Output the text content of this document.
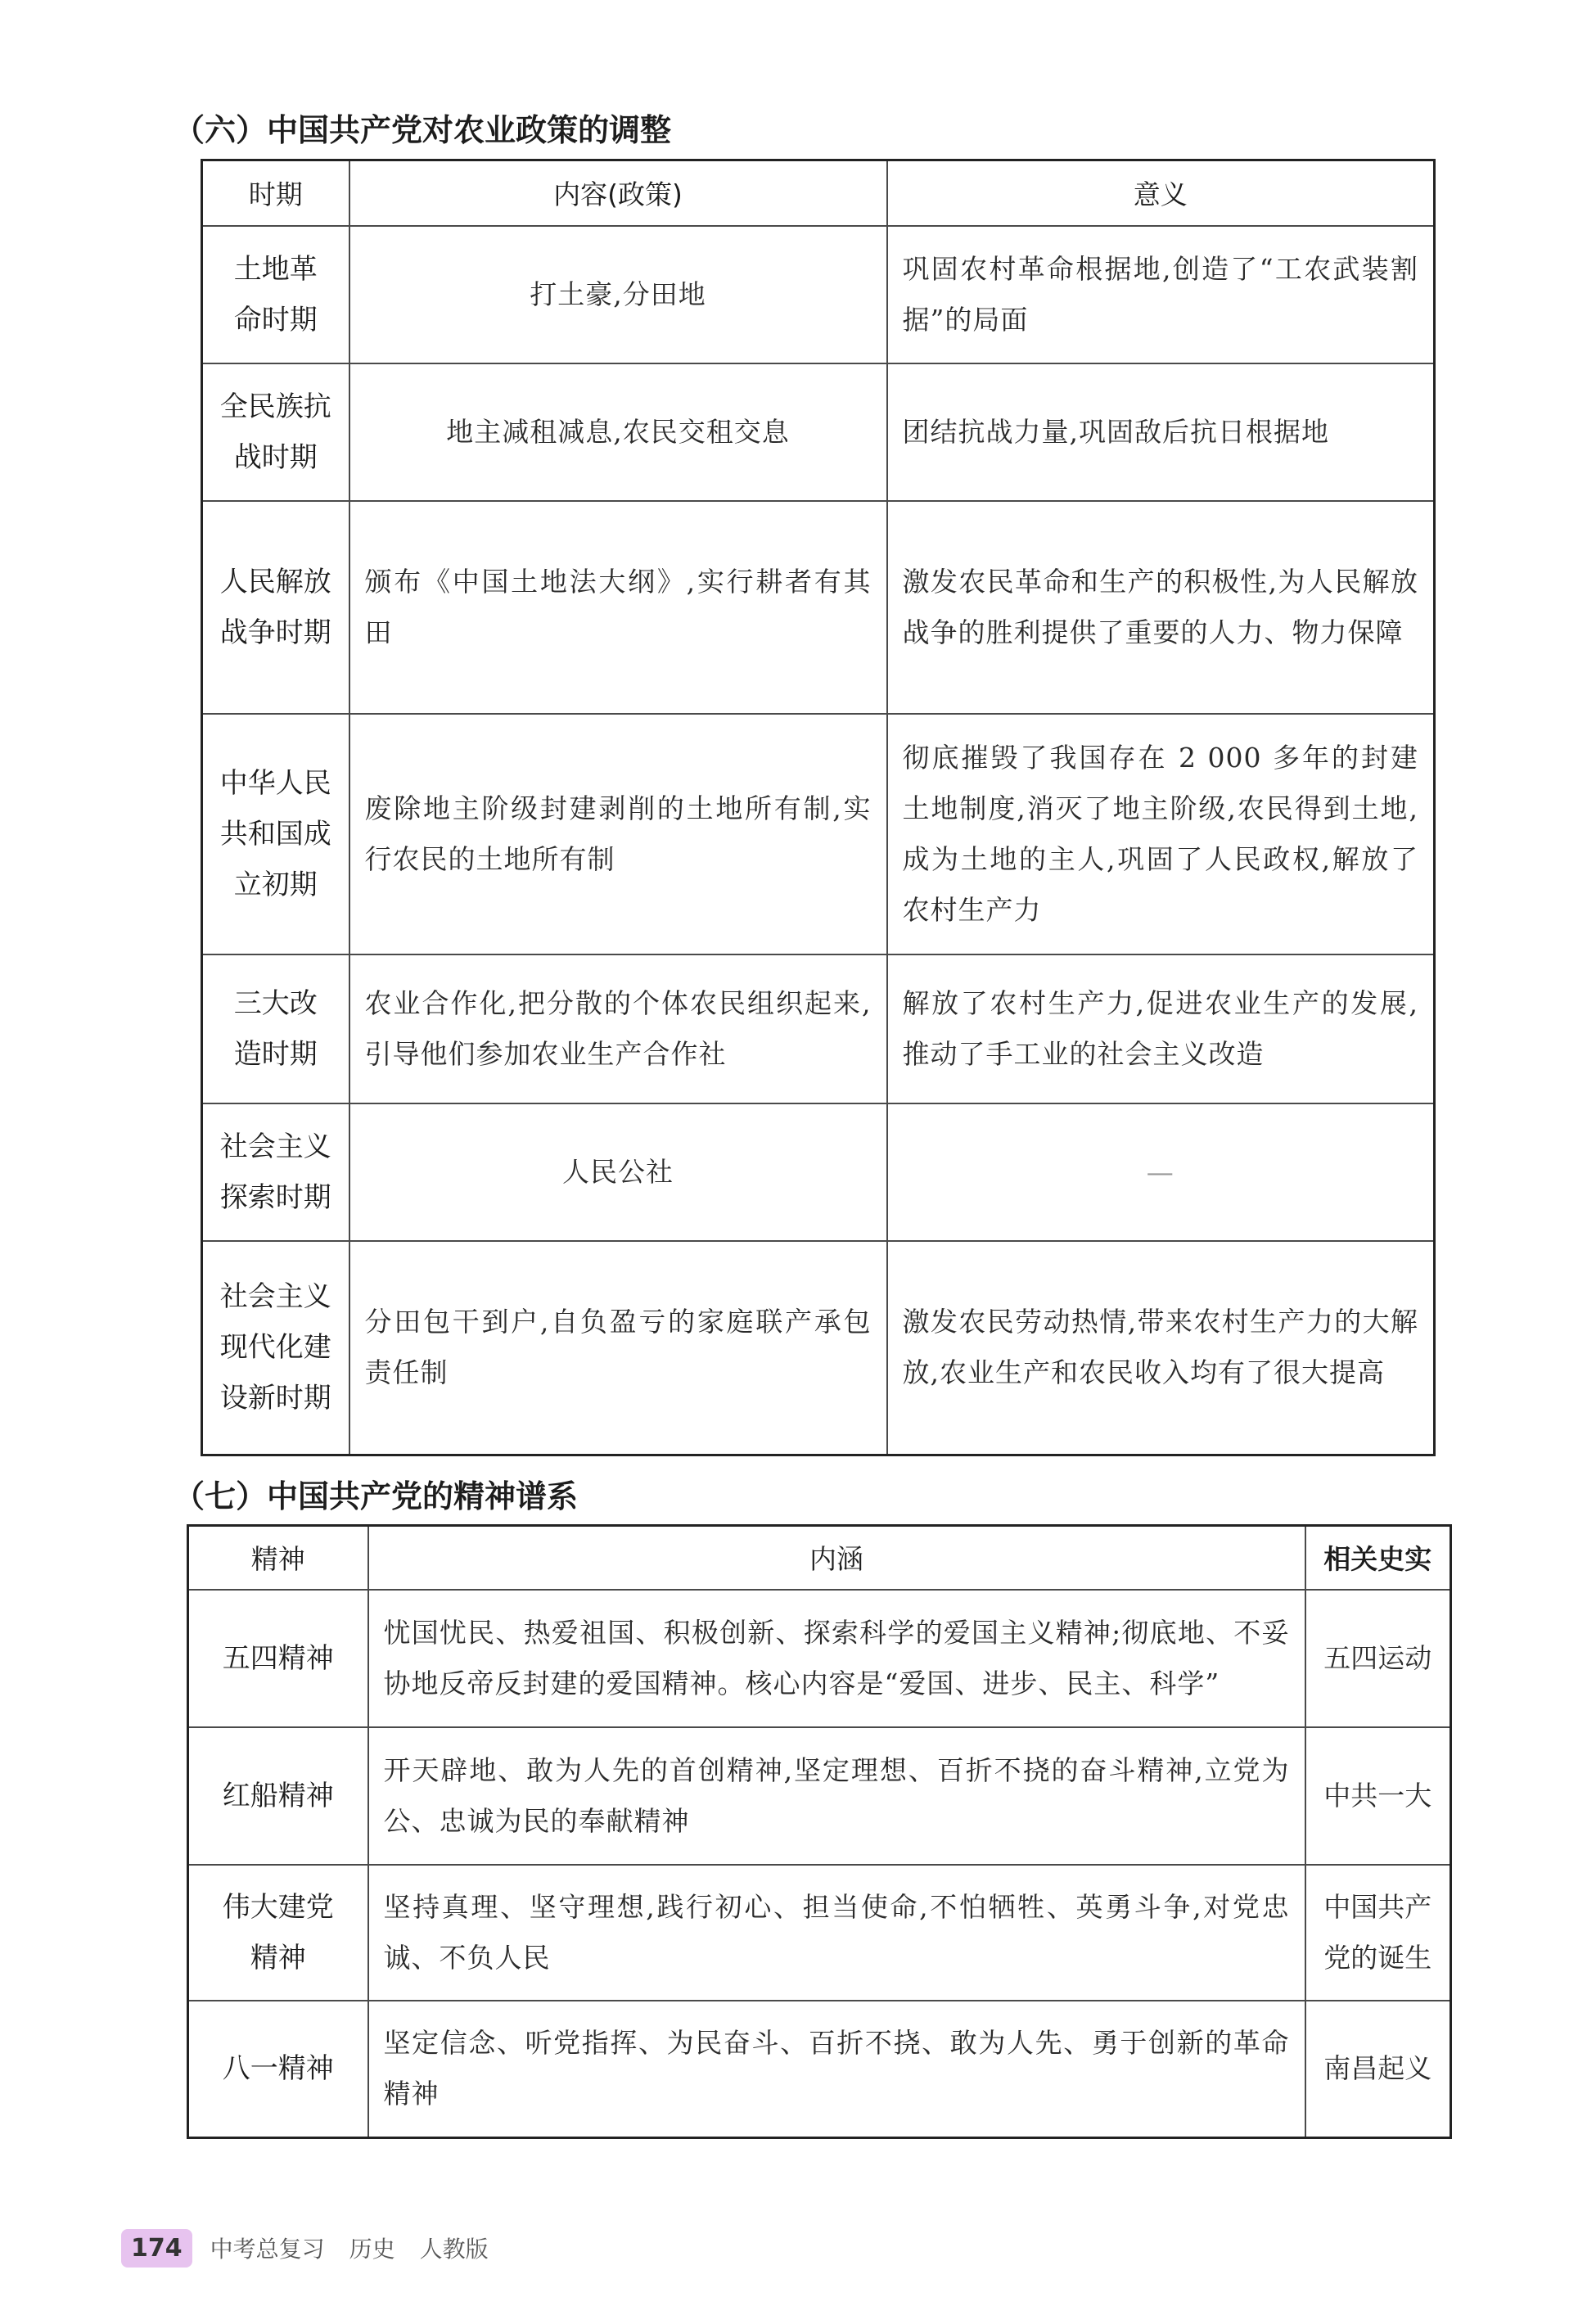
（六）中国共产党对农业政策的调整
时期	内容(政策)	意义
土地革
命时期	打土豪,分田地	巩固农村革命根据地,创造了“工农武装割据”的局面
全民族抗
战时期	地主减租减息,农民交租交息	团结抗战力量,巩固敌后抗日根据地
人民解放
战争时期	颁布《中国土地法大纲》,实行耕者有其田	激发农民革命和生产的积极性,为人民解放战争的胜利提供了重要的人力、物力保障
中华人民
共和国成
立初期	废除地主阶级封建剥削的土地所有制,实行农民的土地所有制	彻底摧毁了我国存在 2 000 多年的封建土地制度,消灭了地主阶级,农民得到土地,成为土地的主人,巩固了人民政权,解放了农村生产力
三大改
造时期	农业合作化,把分散的个体农民组织起来,引导他们参加农业生产合作社	解放了农村生产力,促进农业生产的发展,推动了手工业的社会主义改造
社会主义
探索时期	人民公社	—
社会主义
现代化建
设新时期	分田包干到户,自负盈亏的家庭联产承包责任制	激发农民劳动热情,带来农村生产力的大解放,农业生产和农民收入均有了很大提高
（七）中国共产党的精神谱系
精神	内涵	相关史实
五四精神	忧国忧民、热爱祖国、积极创新、探索科学的爱国主义精神;彻底地、不妥协地反帝反封建的爱国精神。核心内容是“爱国、进步、民主、科学”	五四运动
红船精神	开天辟地、敢为人先的首创精神,坚定理想、百折不挠的奋斗精神,立党为公、忠诚为民的奉献精神	中共一大
伟大建党
精神	坚持真理、坚守理想,践行初心、担当使命,不怕牺牲、英勇斗争,对党忠诚、不负人民	中国共产
党的诞生
八一精神	坚定信念、听党指挥、为民奋斗、百折不挠、敢为人先、勇于创新的革命精神	南昌起义
174	中考总复习 历史 人教版
